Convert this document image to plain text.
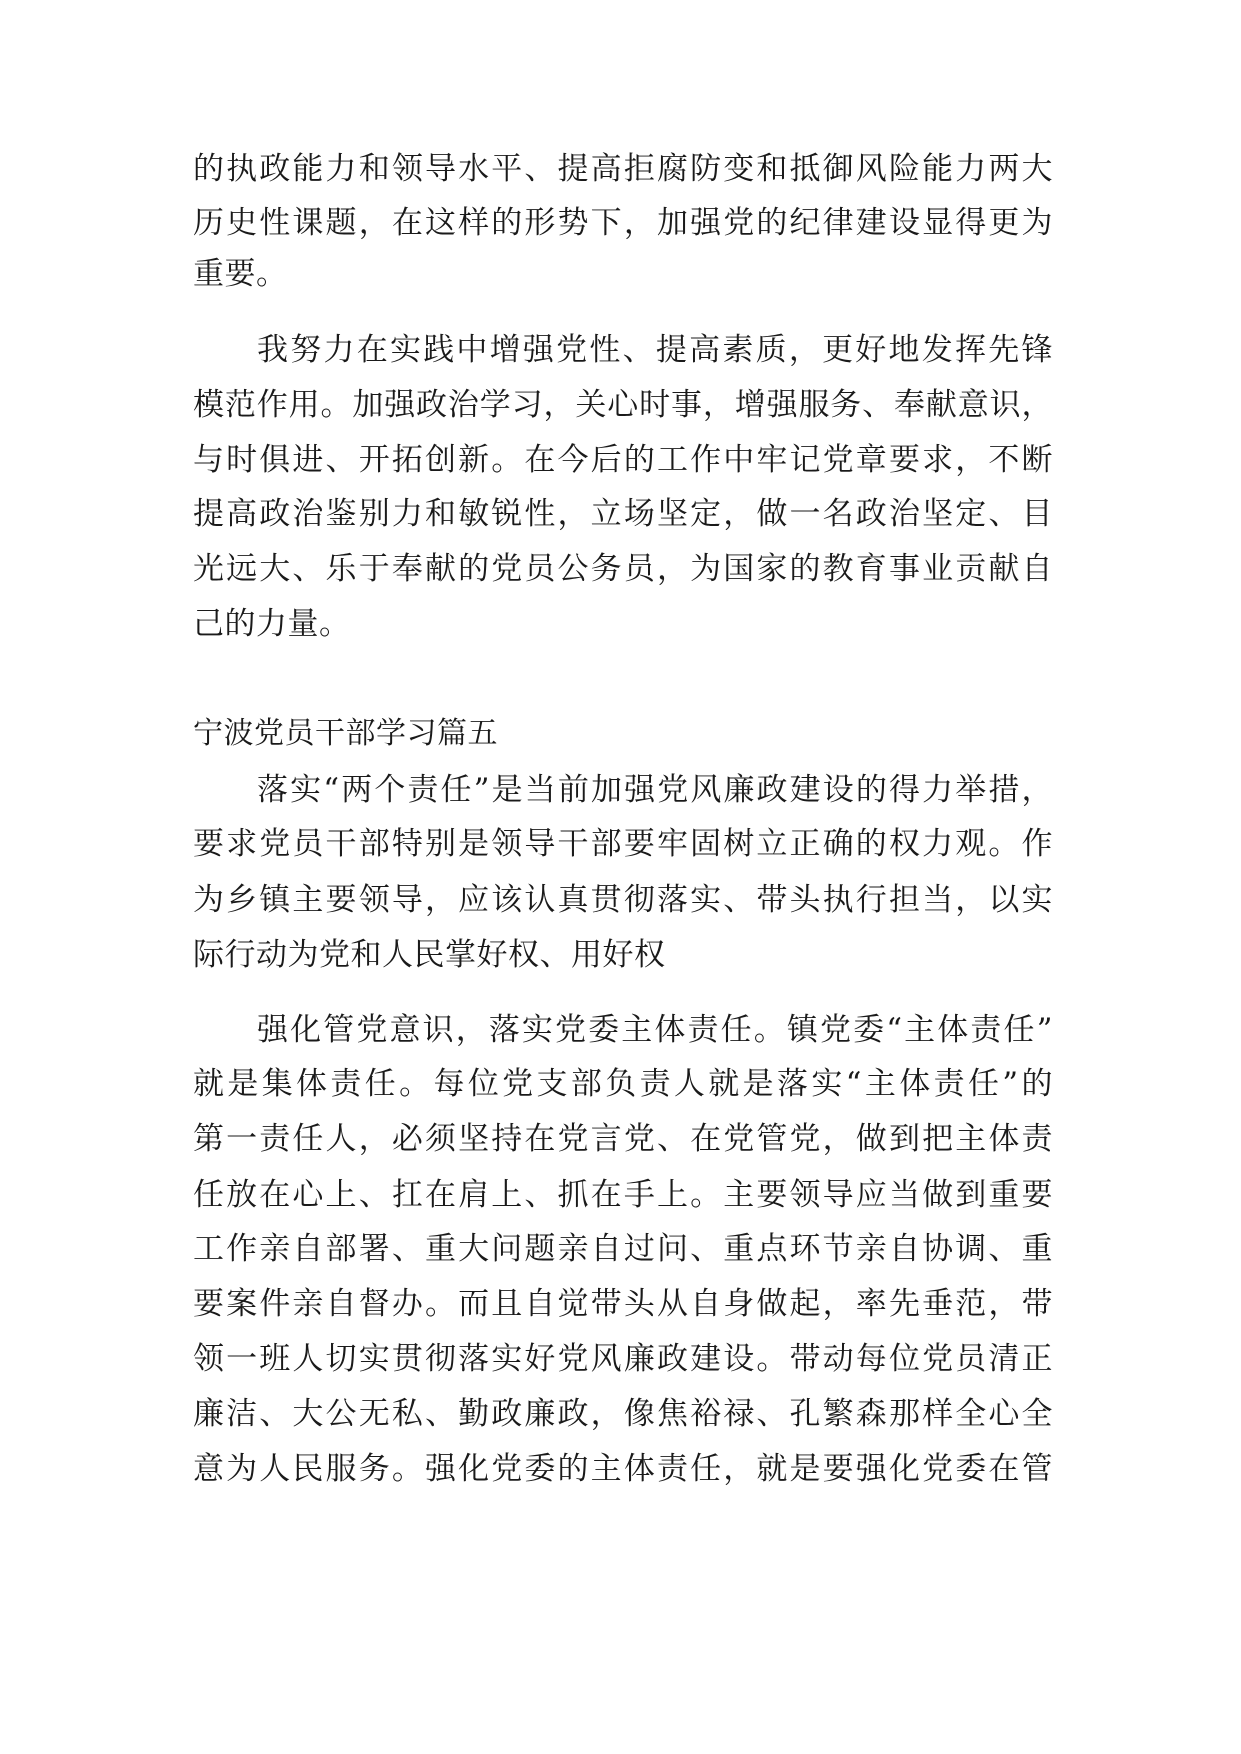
的执政能力和领导水平、提高拒腐防变和抵御风险能力两大
历史性课题，在这样的形势下，加强党的纪律建设显得更为
重要。
我努力在实践中增强党性、提高素质，更好地发挥先锋
模范作用。加强政治学习，关心时事，增强服务、奉献意识，
与时俱进、开拓创新。在今后的工作中牢记党章要求，不断
提高政治鉴别力和敏锐性，立场坚定，做一名政治坚定、目
光远大、乐于奉献的党员公务员，为国家的教育事业贡献自
己的力量。
宁波党员干部学习篇五
落实“两个责任”是当前加强党风廉政建设的得力举措，
要求党员干部特别是领导干部要牢固树立正确的权力观。作
为乡镇主要领导，应该认真贯彻落实、带头执行担当，以实
际行动为党和人民掌好权、用好权
强化管党意识，落实党委主体责任。镇党委“主体责任”
就是集体责任。每位党支部负责人就是落实“主体责任”的
第一责任人，必须坚持在党言党、在党管党，做到把主体责
任放在心上、扛在肩上、抓在手上。主要领导应当做到重要
工作亲自部署、重大问题亲自过问、重点环节亲自协调、重
要案件亲自督办。而且自觉带头从自身做起，率先垂范，带
领一班人切实贯彻落实好党风廉政建设。带动每位党员清正
廉洁、大公无私、勤政廉政，像焦裕禄、孔繁森那样全心全
意为人民服务。强化党委的主体责任，就是要强化党委在管
